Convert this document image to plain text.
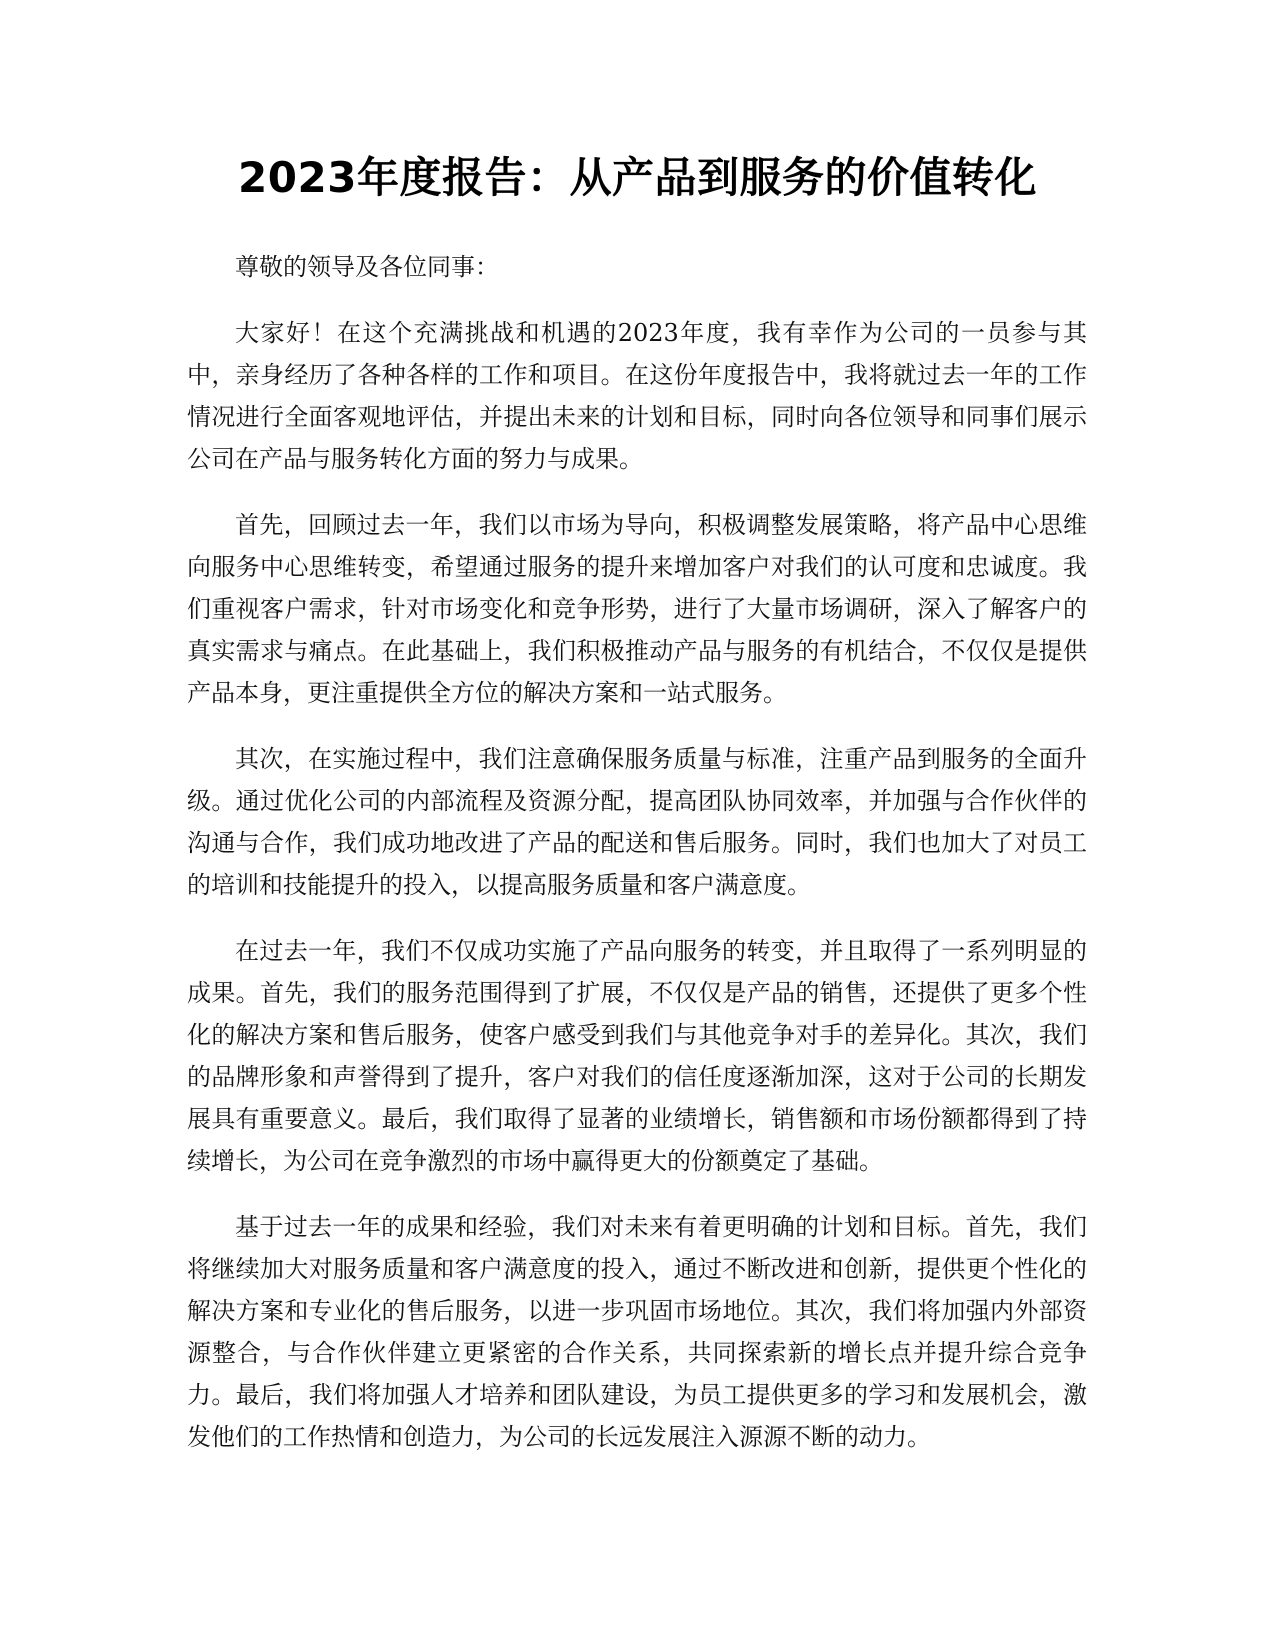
2023年度报告：从产品到服务的价值转化

尊敬的领导及各位同事：

大家好！在这个充满挑战和机遇的2023年度，我有幸作为公司的一员参与其中，亲身经历了各种各样的工作和项目。在这份年度报告中，我将就过去一年的工作情况进行全面客观地评估，并提出未来的计划和目标，同时向各位领导和同事们展示公司在产品与服务转化方面的努力与成果。

首先，回顾过去一年，我们以市场为导向，积极调整发展策略，将产品中心思维向服务中心思维转变，希望通过服务的提升来增加客户对我们的认可度和忠诚度。我们重视客户需求，针对市场变化和竞争形势，进行了大量市场调研，深入了解客户的真实需求与痛点。在此基础上，我们积极推动产品与服务的有机结合，不仅仅是提供产品本身，更注重提供全方位的解决方案和一站式服务。

其次，在实施过程中，我们注意确保服务质量与标准，注重产品到服务的全面升级。通过优化公司的内部流程及资源分配，提高团队协同效率，并加强与合作伙伴的沟通与合作，我们成功地改进了产品的配送和售后服务。同时，我们也加大了对员工的培训和技能提升的投入，以提高服务质量和客户满意度。

在过去一年，我们不仅成功实施了产品向服务的转变，并且取得了一系列明显的成果。首先，我们的服务范围得到了扩展，不仅仅是产品的销售，还提供了更多个性化的解决方案和售后服务，使客户感受到我们与其他竞争对手的差异化。其次，我们的品牌形象和声誉得到了提升，客户对我们的信任度逐渐加深，这对于公司的长期发展具有重要意义。最后，我们取得了显著的业绩增长，销售额和市场份额都得到了持续增长，为公司在竞争激烈的市场中赢得更大的份额奠定了基础。

基于过去一年的成果和经验，我们对未来有着更明确的计划和目标。首先，我们将继续加大对服务质量和客户满意度的投入，通过不断改进和创新，提供更个性化的解决方案和专业化的售后服务，以进一步巩固市场地位。其次，我们将加强内外部资源整合，与合作伙伴建立更紧密的合作关系，共同探索新的增长点并提升综合竞争力。最后，我们将加强人才培养和团队建设，为员工提供更多的学习和发展机会，激发他们的工作热情和创造力，为公司的长远发展注入源源不断的动力。
